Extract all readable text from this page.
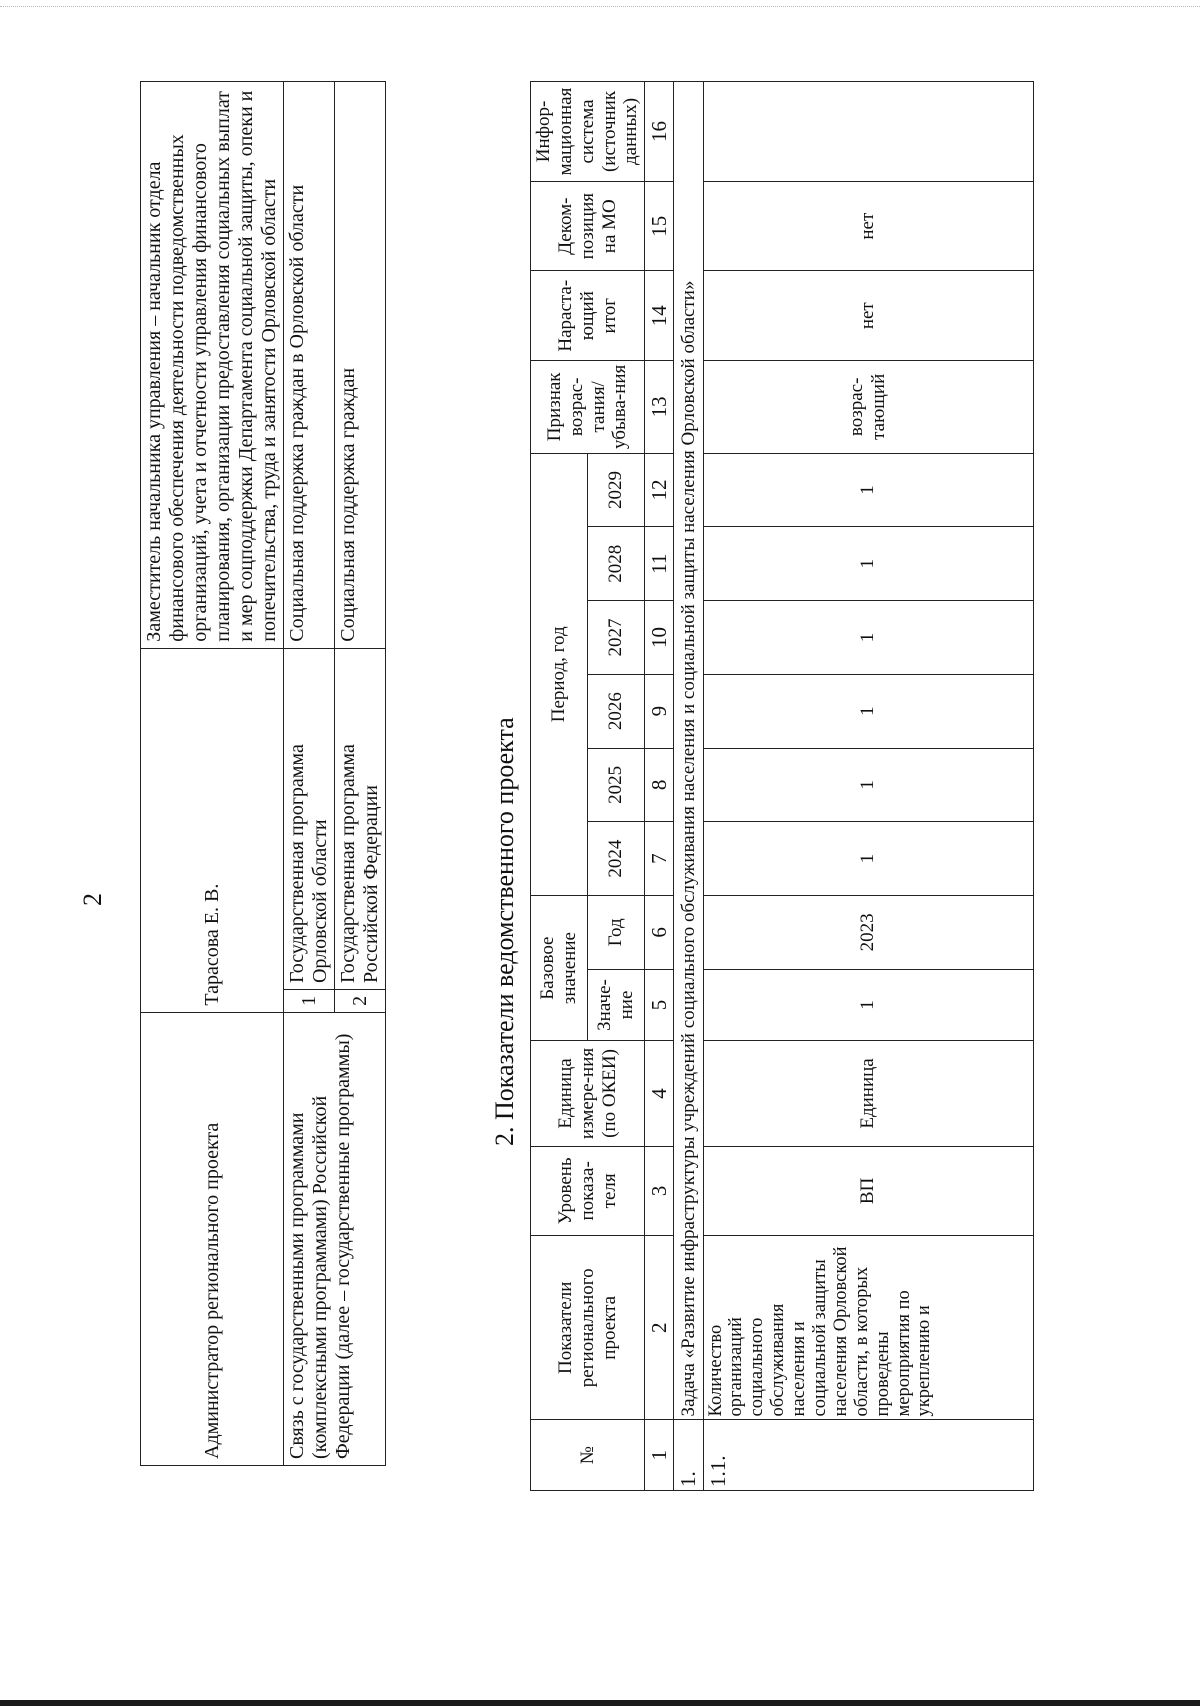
2
Администратор регионального проекта	Тарасова Е. В.		Заместитель начальника управления – начальник отдела финансового обеспечения деятельности подведомственных организаций, учета и отчетности управления финансового планирования, организации предоставления социальных выплат и мер соцподдержки Департамента социальной защиты, опеки и попечительства, труда и занятости Орловской области
Связь с государственными программами (комплексными программами) Российской Федерации (далее – государственные программы)	1	Государственная программа Орловской области	Социальная поддержка граждан в Орловской области
	2	Государственная программа Российской Федерации	Социальная поддержка граждан
2. Показатели ведомственного проекта
№	Показатели регионального проекта	Уровень показа-теля	Единица измере-ния (по ОКЕИ)	Базовое значение		Период, год						Признак возрас-тания/ убыва-ния	Нараста-ющий итог	Деком-позиция на МО	Инфор-мационная система (источник данных)
				Значе-ние	Год	2024	2025	2026	2027	2028	2029				
1	2	3	4	5	6	7	8	9	10	11	12	13	14	15	16
1.	Задача «Развитие инфраструктуры учреждений социального обслуживания населения и социальной защиты населения Орловской области»														
1.1.	Количество организаций социального обслуживания населения и социальной защиты населения Орловской области, в которых проведены мероприятия по укреплению и	ВП	Единица	1	2023	1	1	1	1	1	1	возрас-тающий	нет	нет	
